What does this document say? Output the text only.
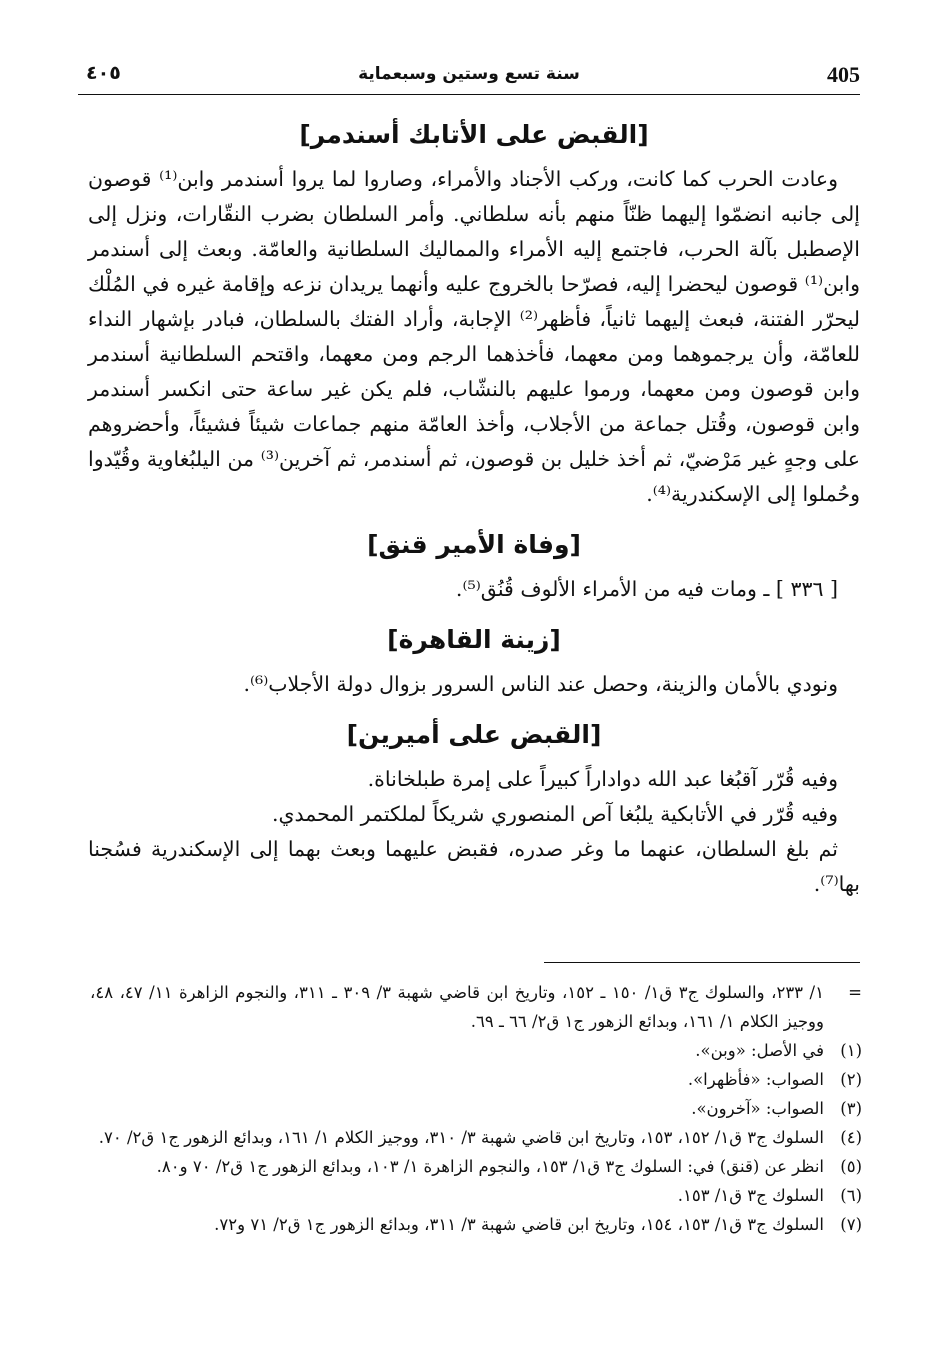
405
سنة تسع وستين وسبعماية
٤٠٥
[القبض على الأتابك أسندمر]

وعادت الحرب كما كانت، وركب الأجناد والأمراء، وصاروا لما يروا أسندمر وابن⁽¹⁾ قوصون إلى جانبه انضمّوا إليهما ظنّاً منهم بأنه سلطاني. وأمر السلطان بضرب النقّارات، ونزل إلى الإصطبل بآلة الحرب، فاجتمع إليه الأمراء والمماليك السلطانية والعامّة. وبعث إلى أسندمر وابن⁽¹⁾ قوصون ليحضرا إليه، فصرّحا بالخروج عليه وأنهما يريدان نزعه وإقامة غيره في المُلْك ليحرّر الفتنة، فبعث إليهما ثانياً، فأظهر⁽²⁾ الإجابة، وأراد الفتك بالسلطان، فبادر بإشهار النداء للعامّة، وأن يرجموهما ومن معهما، فأخذهما الرجم ومن معهما، واقتحم السلطانية أسندمر وابن قوصون ومن معهما، ورموا عليهم بالنشّاب، فلم يكن غير ساعة حتى انكسر أسندمر وابن قوصون، وقُتل جماعة من الأجلاب، وأخذ العامّة منهم جماعات شيئاً فشيئاً، وأحضروهم على وجهٍ غير مَرْضيّ، ثم أخذ خليل بن قوصون، ثم أسندمر، ثم آخرين⁽³⁾ من اليلبُغاوية وقُيّدوا وحُملوا إلى الإسكندرية⁽⁴⁾.

[وفاة الأمير قنق]

[ ٣٣٦ ] ـ ومات فيه من الأمراء الألوف قُنُق⁽⁵⁾.

[زينة القاهرة]

ونودي بالأمان والزينة، وحصل عند الناس السرور بزوال دولة الأجلاب⁽⁶⁾.

[القبض على أميرين]

وفيه قُرّر آقبُغا عبد الله دواداراً كبيراً على إمرة طبلخاناة.

وفيه قُرّر في الأتابكية يلبُغا آص المنصوري شريكاً لملكتمر المحمدي.

ثم بلغ السلطان، عنهما ما وغر صدره، فقبض عليهما وبعث بهما إلى الإسكندرية فسُجنا بها⁽⁷⁾.

=
١/ ٢٣٣، والسلوك ج٣ ق١/ ١٥٠ ـ ١٥٢، وتاريخ ابن قاضي شهبة ٣/ ٣٠٩ ـ ٣١١، والنجوم الزاهرة ١١/ ٤٧، ٤٨، ووجيز الكلام ١/ ١٦١، وبدائع الزهور ج١ ق٢/ ٦٦ ـ ٦٩.
(١)
في الأصل: «وبن».
(٢)
الصواب: «فأظهرا».
(٣)
الصواب: «آخرون».
(٤)
السلوك ج٣ ق١/ ١٥٢، ١٥٣، وتاريخ ابن قاضي شهبة ٣/ ٣١٠، ووجيز الكلام ١/ ١٦١، وبدائع الزهور ج١ ق٢/ ٧٠.
(٥)
انظر عن (قنق) في: السلوك ج٣ ق١/ ١٥٣، والنجوم الزاهرة ١/ ١٠٣، وبدائع الزهور ج١ ق٢/ ٧٠ و٨٠.
(٦)
السلوك ج٣ ق١/ ١٥٣.
(٧)
السلوك ج٣ ق١/ ١٥٣، ١٥٤، وتاريخ ابن قاضي شهبة ٣/ ٣١١، وبدائع الزهور ج١ ق٢/ ٧١ و٧٢.
